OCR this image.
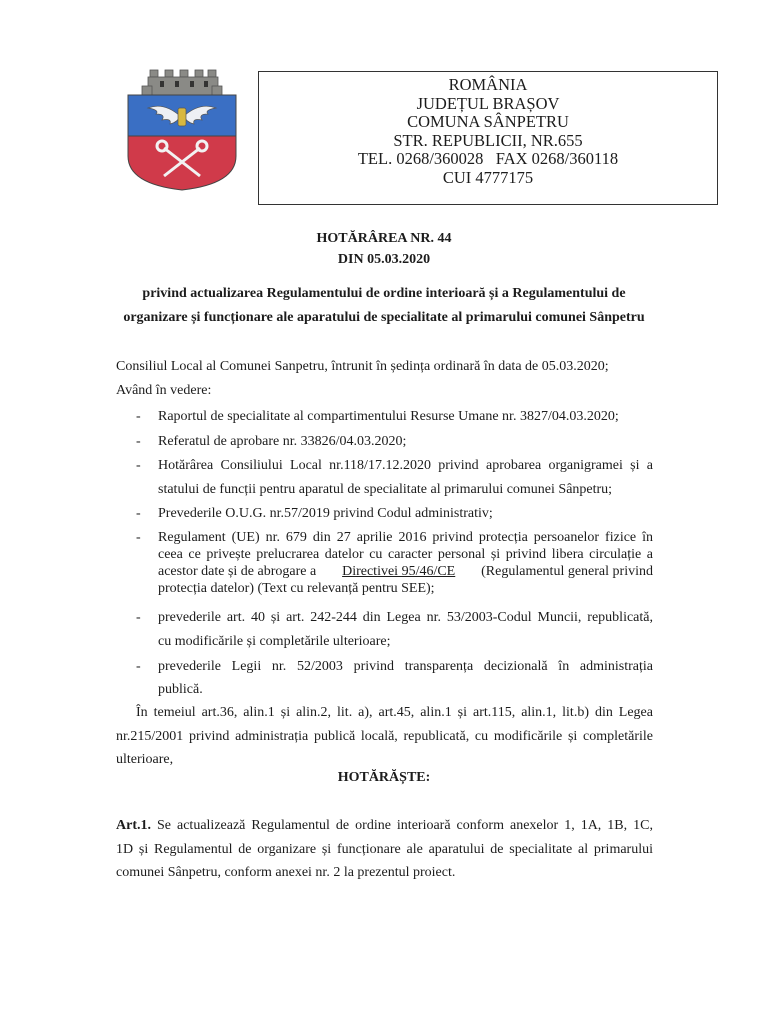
ROMÂNIA
JUDEȚUL BRAȘOV
COMUNA SÂNPETRU
STR. REPUBLICII, NR.655
TEL. 0268/360028   FAX 0268/360118
CUI 4777175
HOTĂRÂREA NR. 44
DIN 05.03.2020
privind actualizarea Regulamentului de ordine interioară și a Regulamentului de
organizare și funcționare ale aparatului de specialitate al primarului comunei Sânpetru
Consiliul Local al Comunei Sanpetru, întrunit în ședința ordinară în data de 05.03.2020;
Având în vedere:
- Raportul de specialitate al compartimentului Resurse Umane nr. 3827/04.03.2020;
- Referatul de aprobare nr. 33826/04.03.2020;
- Hotărârea Consiliului Local nr.118/17.12.2020 privind aprobarea organigramei și a
statului de funcții pentru aparatul de specialitate al primarului comunei Sânpetru;
- Prevederile O.U.G. nr.57/2019 privind Codul administrativ;
- Regulament (UE) nr. 679 din 27 aprilie 2016 privind protecția persoanelor fizice în
ceea ce privește prelucrarea datelor cu caracter personal și privind libera circulație a
acestor date și de abrogare a Directivei 95/46/CE (Regulamentul general privind
protecția datelor) (Text cu relevanță pentru SEE);
- prevederile art. 40 și art. 242-244 din Legea nr. 53/2003-Codul Muncii, republicată,
cu modificările și completările ulterioare;
- prevederile Legii nr. 52/2003 privind transparența decizională în administrația
publică.
În temeiul art.36, alin.1 și alin.2, lit. a), art.45, alin.1 și art.115, alin.1, lit.b) din Legea
nr.215/2001 privind administrația publică locală, republicată, cu modificările și completările
ulterioare,
HOTĂRĂȘTE:
Art.1. Se actualizează Regulamentul de ordine interioară conform anexelor 1, 1A, 1B, 1C,
1D și Regulamentul de organizare și funcționare ale aparatului de specialitate al primarului
comunei Sânpetru, conform anexei nr. 2 la prezentul proiect.
